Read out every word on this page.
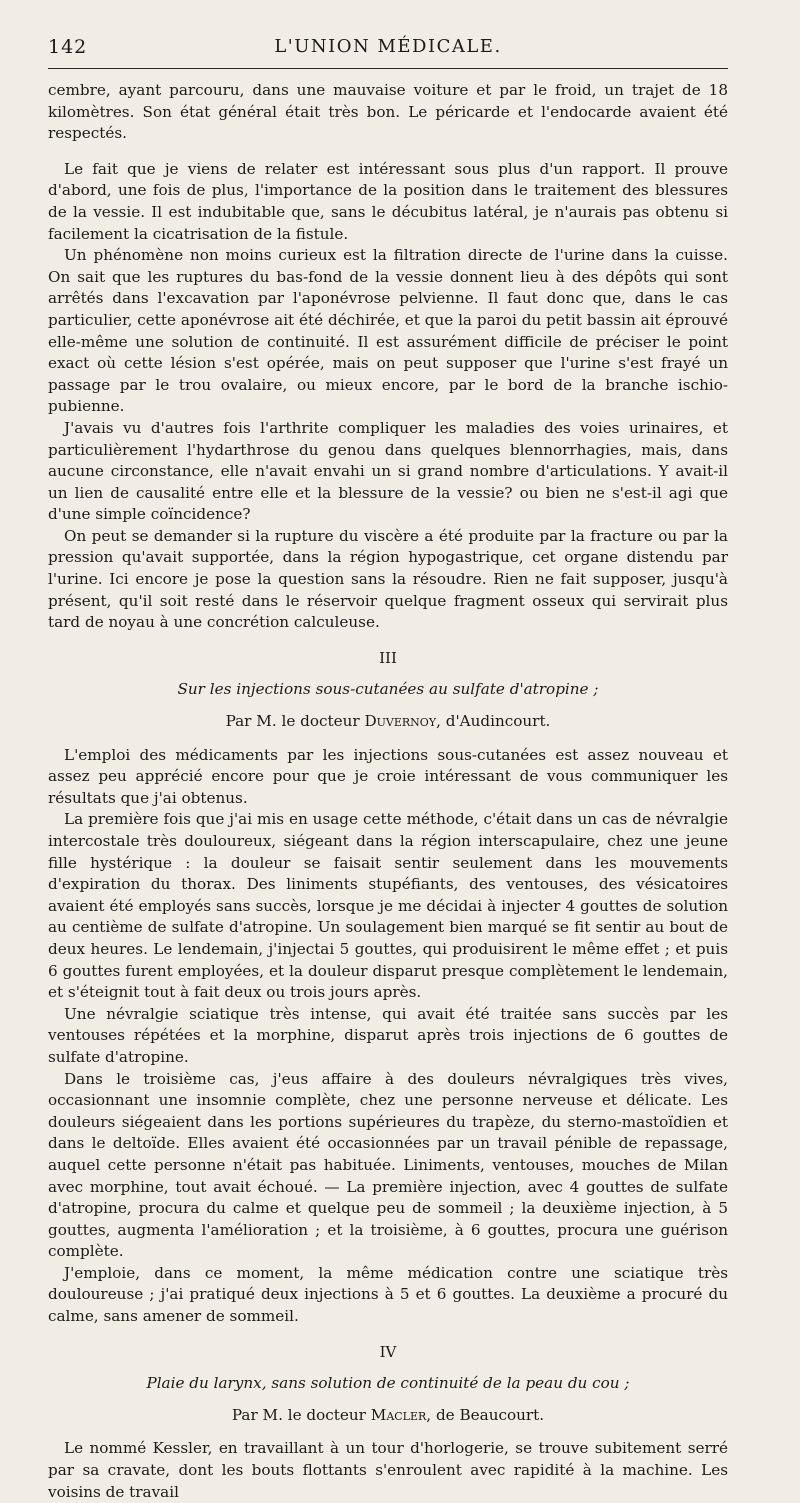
142	L'UNION MÉDICALE.

cembre, ayant parcouru, dans une mauvaise voiture et par le froid, un trajet de 18 kilomètres. Son état général était très bon. Le péricarde et l'endocarde avaient été respectés.

Le fait que je viens de relater est intéressant sous plus d'un rapport. Il prouve d'abord, une fois de plus, l'importance de la position dans le traitement des blessures de la vessie. Il est indubitable que, sans le décubitus latéral, je n'aurais pas obtenu si facilement la cicatrisation de la fistule.

Un phénomène non moins curieux est la filtration directe de l'urine dans la cuisse. On sait que les ruptures du bas-fond de la vessie donnent lieu à des dépôts qui sont arrêtés dans l'excavation par l'aponévrose pelvienne. Il faut donc que, dans le cas particulier, cette aponévrose ait été déchirée, et que la paroi du petit bassin ait éprouvé elle-même une solution de continuité. Il est assurément difficile de préciser le point exact où cette lésion s'est opérée, mais on peut supposer que l'urine s'est frayé un passage par le trou ovalaire, ou mieux encore, par le bord de la branche ischio-pubienne.

J'avais vu d'autres fois l'arthrite compliquer les maladies des voies urinaires, et particulièrement l'hydarthrose du genou dans quelques blennorrhagies, mais, dans aucune circonstance, elle n'avait envahi un si grand nombre d'articulations. Y avait-il un lien de causalité entre elle et la blessure de la vessie? ou bien ne s'est-il agi que d'une simple coïncidence?

On peut se demander si la rupture du viscère a été produite par la fracture ou par la pression qu'avait supportée, dans la région hypogastrique, cet organe distendu par l'urine. Ici encore je pose la question sans la résoudre. Rien ne fait supposer, jusqu'à présent, qu'il soit resté dans le réservoir quelque fragment osseux qui servirait plus tard de noyau à une concrétion calculeuse.

III
Sur les injections sous-cutanées au sulfate d'atropine ;
Par M. le docteur Duvernoy, d'Audincourt.

L'emploi des médicaments par les injections sous-cutanées est assez nouveau et assez peu apprécié encore pour que je croie intéressant de vous communiquer les résultats que j'ai obtenus.

La première fois que j'ai mis en usage cette méthode, c'était dans un cas de névralgie intercostale très douloureux, siégeant dans la région interscapulaire, chez une jeune fille hystérique : la douleur se faisait sentir seulement dans les mouvements d'expiration du thorax. Des liniments stupéfiants, des ventouses, des vésicatoires avaient été employés sans succès, lorsque je me décidai à injecter 4 gouttes de solution au centième de sulfate d'atropine. Un soulagement bien marqué se fit sentir au bout de deux heures. Le lendemain, j'injectai 5 gouttes, qui produisirent le même effet ; et puis 6 gouttes furent employées, et la douleur disparut presque complètement le lendemain, et s'éteignit tout à fait deux ou trois jours après.

Une névralgie sciatique très intense, qui avait été traitée sans succès par les ventouses répétées et la morphine, disparut après trois injections de 6 gouttes de sulfate d'atropine.

Dans le troisième cas, j'eus affaire à des douleurs névralgiques très vives, occasionnant une insomnie complète, chez une personne nerveuse et délicate. Les douleurs siégeaient dans les portions supérieures du trapèze, du sterno-mastoïdien et dans le deltoïde. Elles avaient été occasionnées par un travail pénible de repassage, auquel cette personne n'était pas habituée. Liniments, ventouses, mouches de Milan avec morphine, tout avait échoué. — La première injection, avec 4 gouttes de sulfate d'atropine, procura du calme et quelque peu de sommeil ; la deuxième injection, à 5 gouttes, augmenta l'amélioration ; et la troisième, à 6 gouttes, procura une guérison complète.

J'emploie, dans ce moment, la même médication contre une sciatique très douloureuse ; j'ai pratiqué deux injections à 5 et 6 gouttes. La deuxième a procuré du calme, sans amener de sommeil.

IV
Plaie du larynx, sans solution de continuité de la peau du cou ;
Par M. le docteur Macler, de Beaucourt.

Le nommé Kessler, en travaillant à un tour d'horlogerie, se trouve subitement serré par sa cravate, dont les bouts flottants s'enroulent avec rapidité à la machine. Les voisins de travail
